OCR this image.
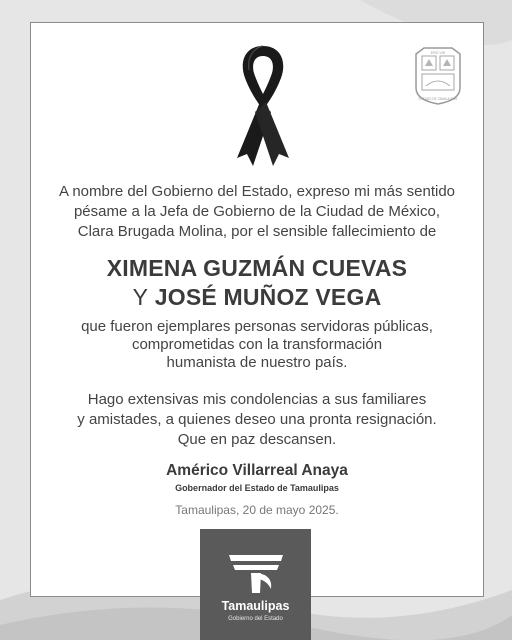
ERG VIS
ESTADO DE TAMAULIPAS
A nombre del Gobierno del Estado, expreso mi más sentido
pésame a la Jefa de Gobierno de la Ciudad de México,
Clara Brugada Molina, por el sensible fallecimiento de
XIMENA GUZMÁN CUEVAS
Y JOSÉ MUÑOZ VEGA
que fueron ejemplares personas servidoras públicas,
comprometidas con la transformación
humanista de nuestro país.
Hago extensivas mis condolencias a sus familiares
y amistades, a quienes deseo una pronta resignación.
Que en paz descansen.
Américo Villarreal Anaya
Gobernador del Estado de Tamaulipas
Tamaulipas, 20 de mayo 2025.
Tamaulipas
Gobierno del Estado
